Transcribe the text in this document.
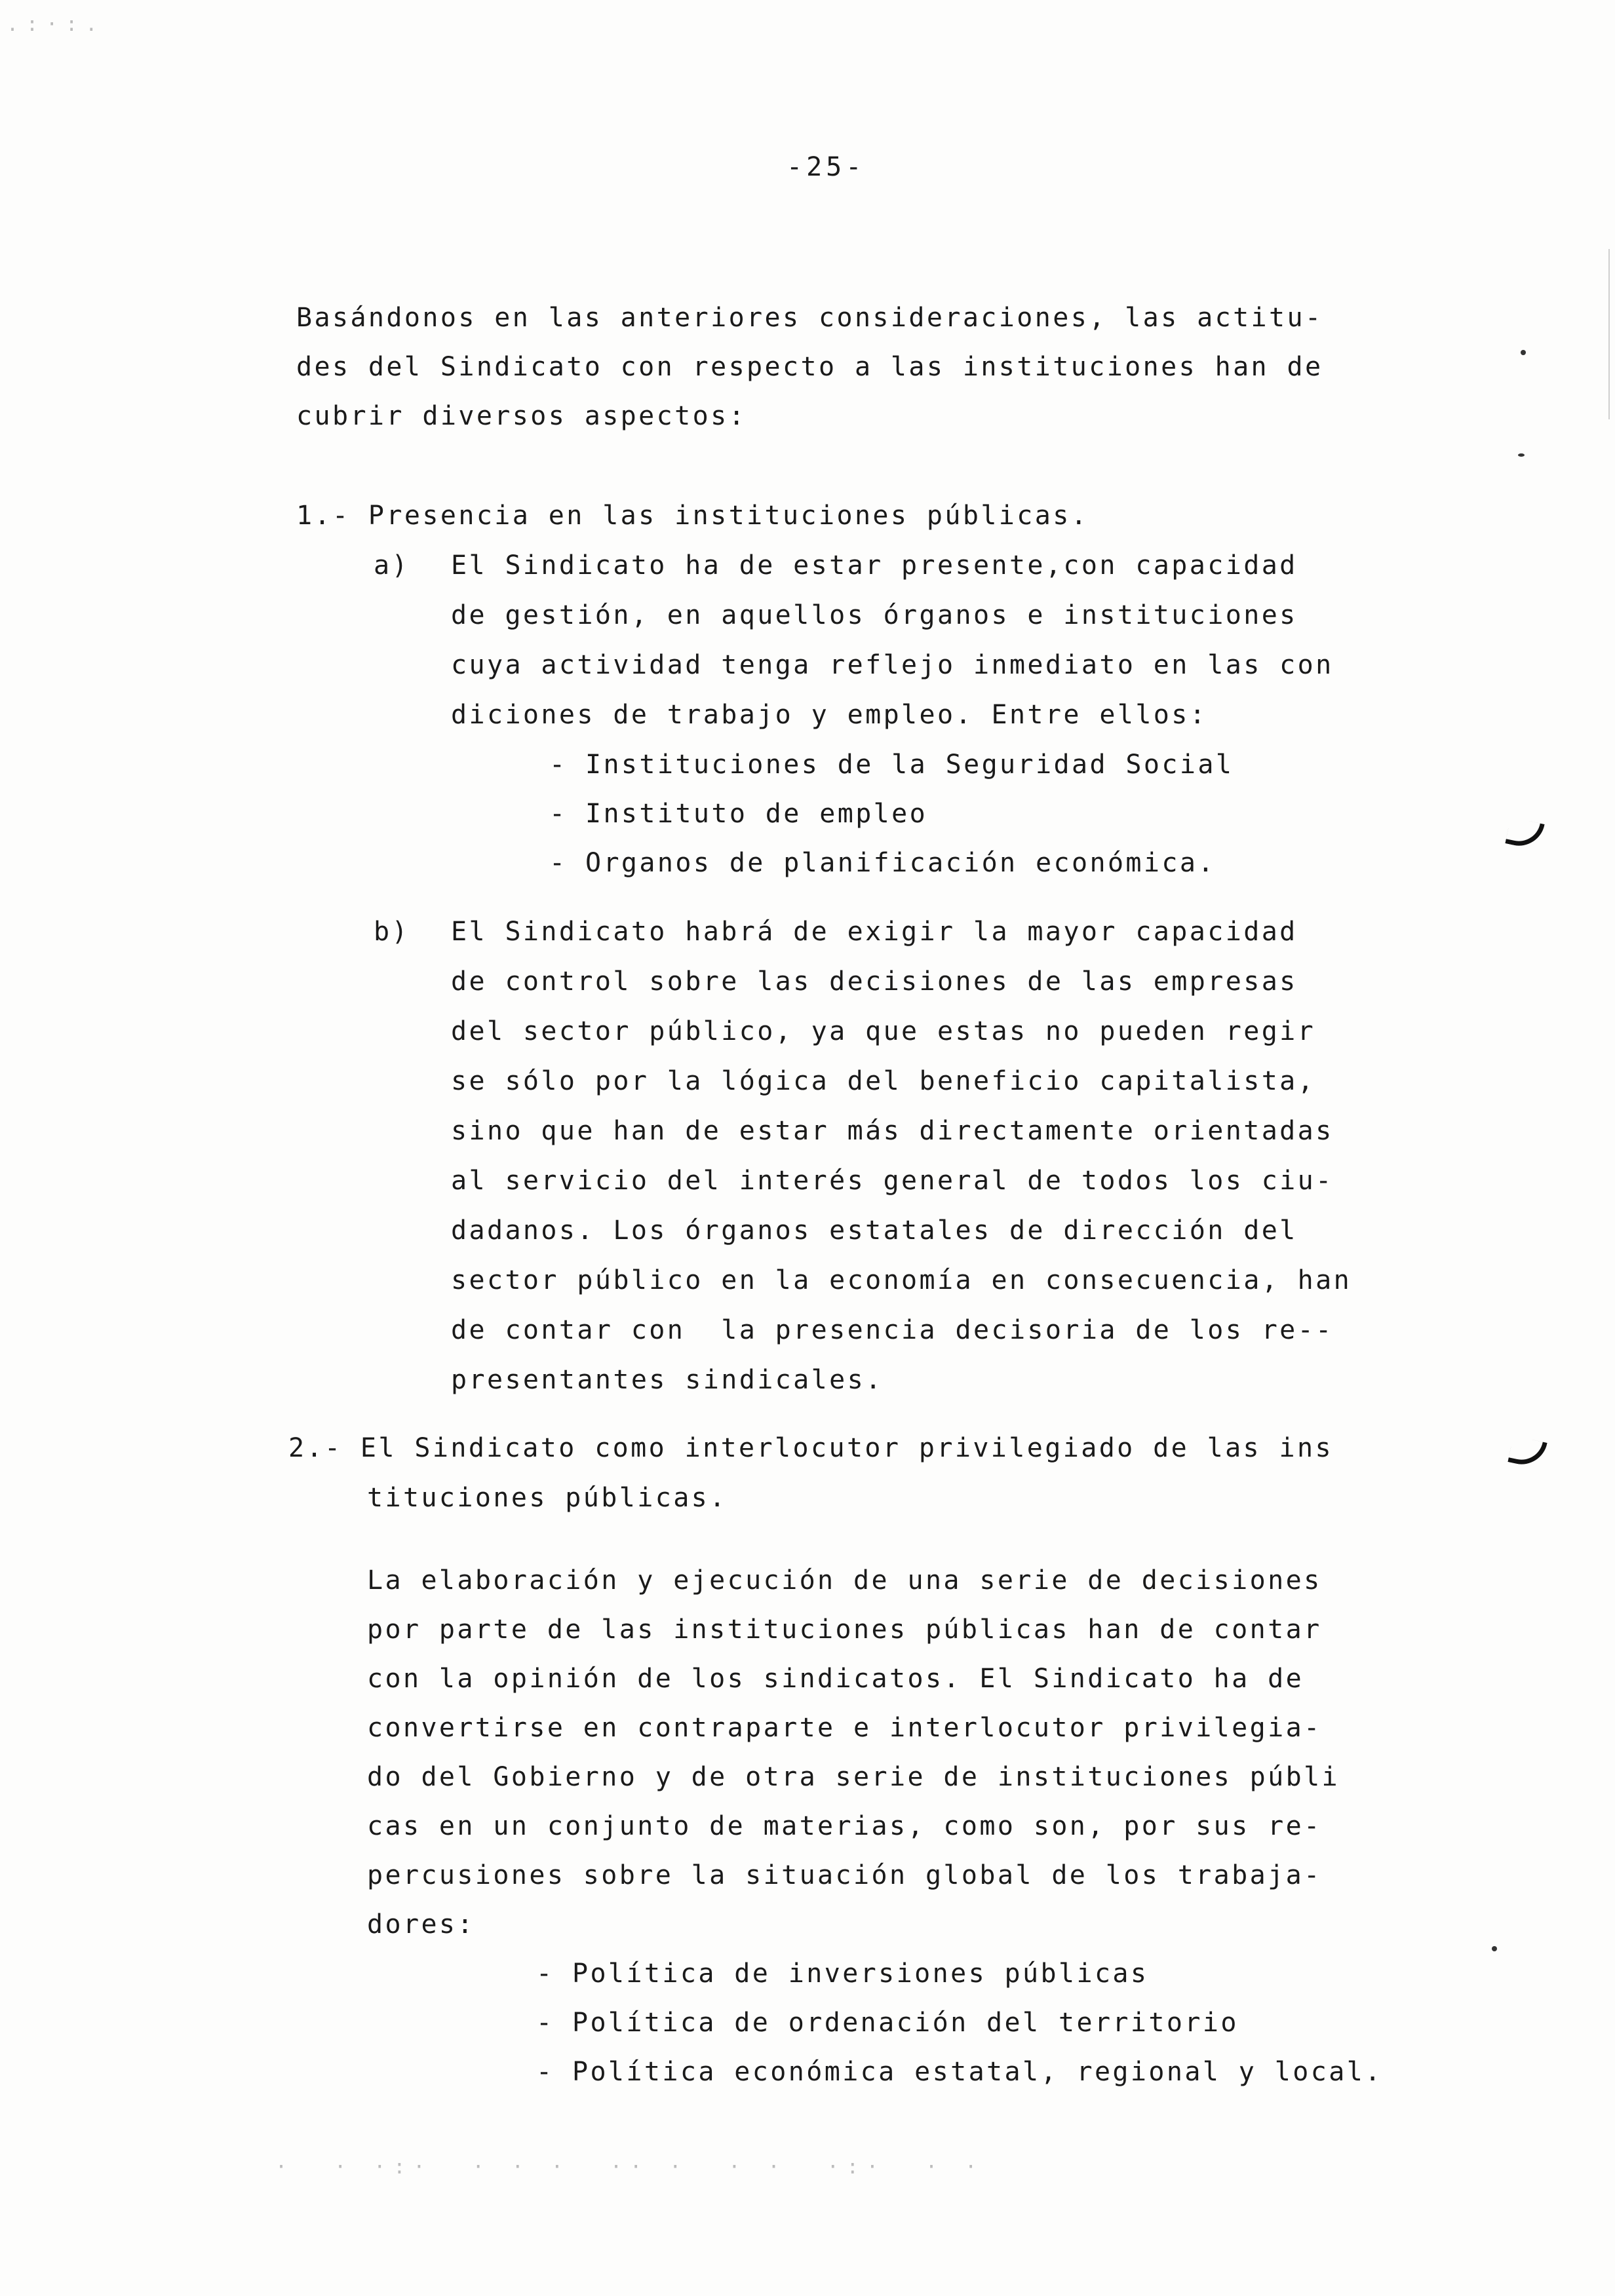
-25-
Basándonos en las anteriores consideraciones, las actitu-
des del Sindicato con respecto a las instituciones han de
cubrir diversos aspectos:
1.- Presencia en las instituciones públicas.
a) El Sindicato ha de estar presente,con capacidad
de gestión, en aquellos órganos e instituciones
cuya actividad tenga reflejo inmediato en las con
diciones de trabajo y empleo. Entre ellos:
- Instituciones de la Seguridad Social
- Instituto de empleo
- Organos de planificación económica.
b) El Sindicato habrá de exigir la mayor capacidad
de control sobre las decisiones de las empresas
del sector público, ya que estas no pueden regir
se sólo por la lógica del beneficio capitalista,
sino que han de estar más directamente orientadas
al servicio del interés general de todos los ciu-
dadanos. Los órganos estatales de dirección del
sector público en la economía en consecuencia, han
de contar con  la presencia decisoria de los re--
presentantes sindicales.
2.- El Sindicato como interlocutor privilegiado de las ins
tituciones públicas.
La elaboración y ejecución de una serie de decisiones
por parte de las instituciones públicas han de contar
con la opinión de los sindicatos. El Sindicato ha de
convertirse en contraparte e interlocutor privilegia-
do del Gobierno y de otra serie de instituciones públi
cas en un conjunto de materias, como son, por sus re-
percusiones sobre la situación global de los trabaja-
dores:
- Política de inversiones públicas
- Política de ordenación del territorio
- Política económica estatal, regional y local.
.:·:.
·  · ·:·  · · ·  ·· ·  · ·  ·:·  · ·
